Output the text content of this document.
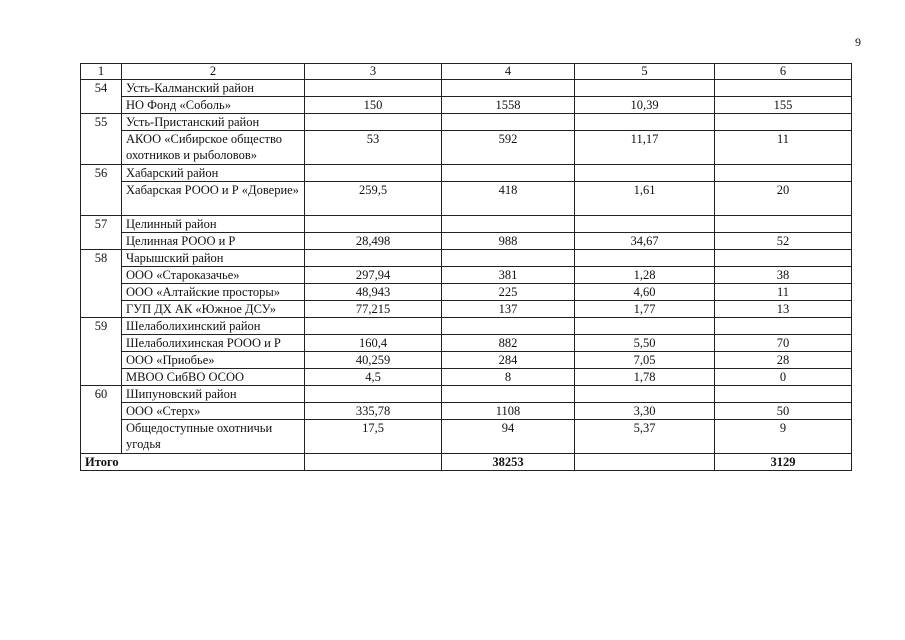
9
1	2	3	4	5	6
54	Усть-Калманский район				
	НО Фонд «Соболь»	150	1558	10,39	155
55	Усть-Пристанский район				
	АКОО «Сибирское общество охотников и рыболовов»	53	592	11,17	11
56	Хабарский район				
	Хабарская РООО и Р «Доверие»	259,5	418	1,61	20
57	Целинный район				
	Целинная РООО и Р	28,498	988	34,67	52
58	Чарышский район				
	ООО «Староказачье»	297,94	381	1,28	38
	ООО «Алтайские просторы»	48,943	225	4,60	11
	ГУП ДХ АК «Южное ДСУ»	77,215	137	1,77	13
59	Шелаболихинский район				
	Шелаболихинская РООО и Р	160,4	882	5,50	70
	ООО «Приобье»	40,259	284	7,05	28
	МВОО СибВО ОСОО	4,5	8	1,78	0
60	Шипуновский район				
	ООО «Стерх»	335,78	1108	3,30	50
	Общедоступные охотничьи угодья	17,5	94	5,37	9
Итого			38253		3129
